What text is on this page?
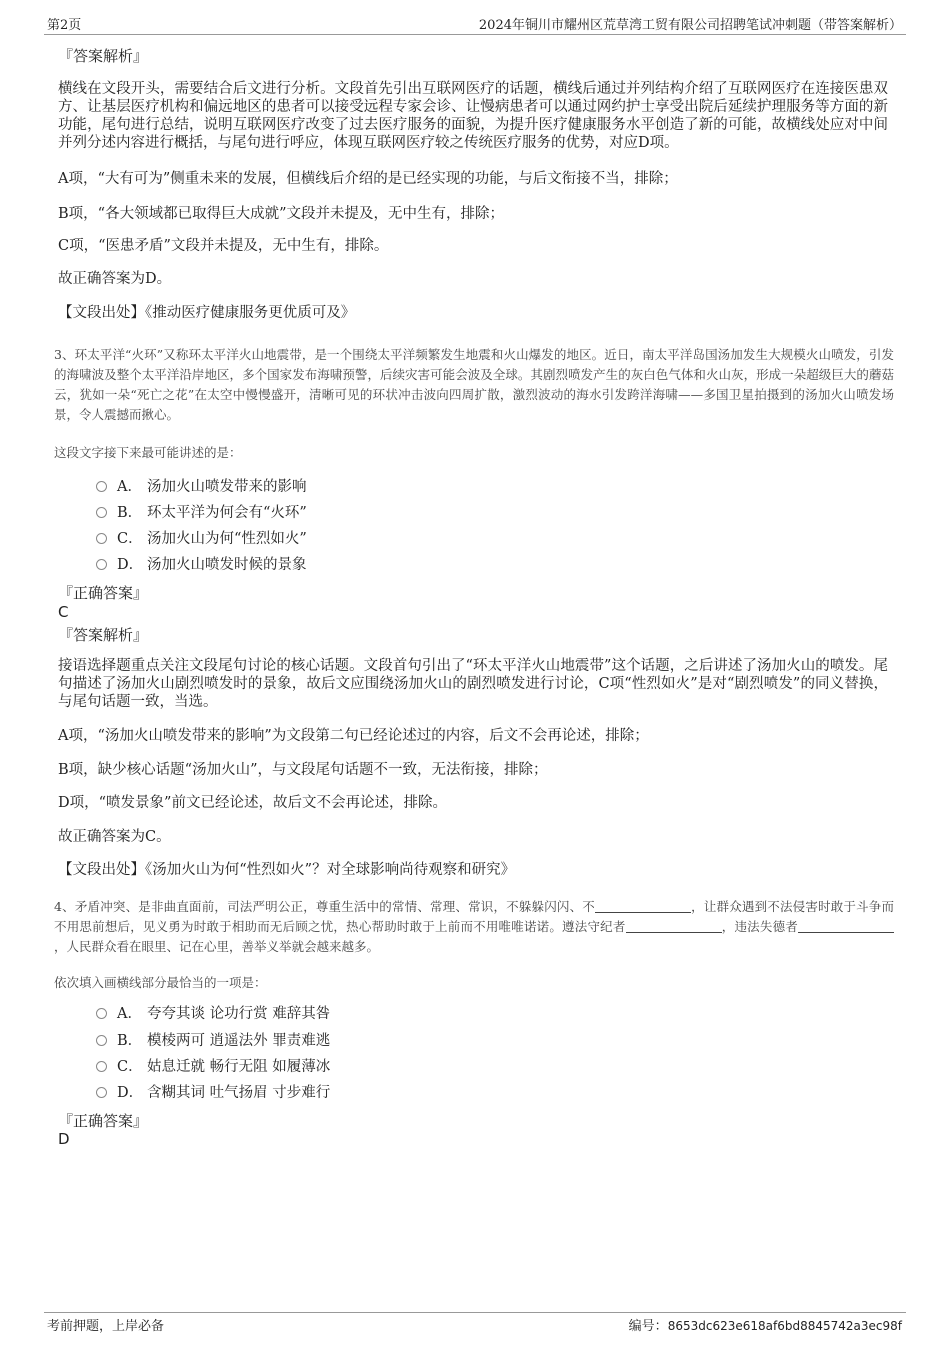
第2页	2024年铜川市耀州区荒草湾工贸有限公司招聘笔试冲刺题（带答案解析）
『答案解析』
横线在文段开头，需要结合后文进行分析。文段首先引出互联网医疗的话题，横线后通过并列结构介绍了互联网医疗在连接医患双方、让基层医疗机构和偏远地区的患者可以接受远程专家会诊、让慢病患者可以通过网约护士享受出院后延续护理服务等方面的新功能，尾句进行总结，说明互联网医疗改变了过去医疗服务的面貌，为提升医疗健康服务水平创造了新的可能，故横线处应对中间并列分述内容进行概括，与尾句进行呼应，体现互联网医疗较之传统医疗服务的优势，对应D项。
A项，“大有可为”侧重未来的发展，但横线后介绍的是已经实现的功能，与后文衔接不当，排除；
B项，“各大领域都已取得巨大成就”文段并未提及，无中生有，排除；
C项，“医患矛盾”文段并未提及，无中生有，排除。
故正确答案为D。
【文段出处】《推动医疗健康服务更优质可及》
3、环太平洋“火环”又称环太平洋火山地震带，是一个围绕太平洋频繁发生地震和火山爆发的地区。近日，南太平洋岛国汤加发生大规模火山喷发，引发的海啸波及整个太平洋沿岸地区，多个国家发布海啸预警，后续灾害可能会波及全球。其剧烈喷发产生的灰白色气体和火山灰，形成一朵超级巨大的蘑菇云，犹如一朵“死亡之花”在太空中慢慢盛开，清晰可见的环状冲击波向四周扩散，激烈波动的海水引发跨洋海啸——多国卫星拍摄到的汤加火山喷发场景，令人震撼而揪心。
这段文字接下来最可能讲述的是：
A． 汤加火山喷发带来的影响
B． 环太平洋为何会有“火环”
C． 汤加火山为何“性烈如火”
D． 汤加火山喷发时候的景象
『正确答案』
C
『答案解析』
接语选择题重点关注文段尾句讨论的核心话题。文段首句引出了“环太平洋火山地震带”这个话题，之后讲述了汤加火山的喷发。尾句描述了汤加火山剧烈喷发时的景象，故后文应围绕汤加火山的剧烈喷发进行讨论，C项“性烈如火”是对“剧烈喷发”的同义替换，与尾句话题一致，当选。
A项，“汤加火山喷发带来的影响”为文段第二句已经论述过的内容，后文不会再论述，排除；
B项，缺少核心话题“汤加火山”，与文段尾句话题不一致，无法衔接，排除；
D项，“喷发景象”前文已经论述，故后文不会再论述，排除。
故正确答案为C。
【文段出处】《汤加火山为何“性烈如火”？对全球影响尚待观察和研究》
4、矛盾冲突、是非曲直面前，司法严明公正，尊重生活中的常情、常理、常识，不躲躲闪闪、不	，让群众遇到不法侵害时敢于斗争而不用思前想后，见义勇为时敢于相助而无后顾之忧，热心帮助时敢于上前而不用唯唯诺诺。遵法守纪者	，违法失德者，人民群众看在眼里、记在心里，善举义举就会越来越多。
依次填入画横线部分最恰当的一项是：
A． 夸夸其谈 论功行赏 难辞其咎
B． 模棱两可 逍遥法外 罪责难逃
C． 姑息迁就 畅行无阻 如履薄冰
D． 含糊其词 吐气扬眉 寸步难行
『正确答案』
D
考前押题，上岸必备	编号：8653dc623e618af6bd8845742a3ec98f
